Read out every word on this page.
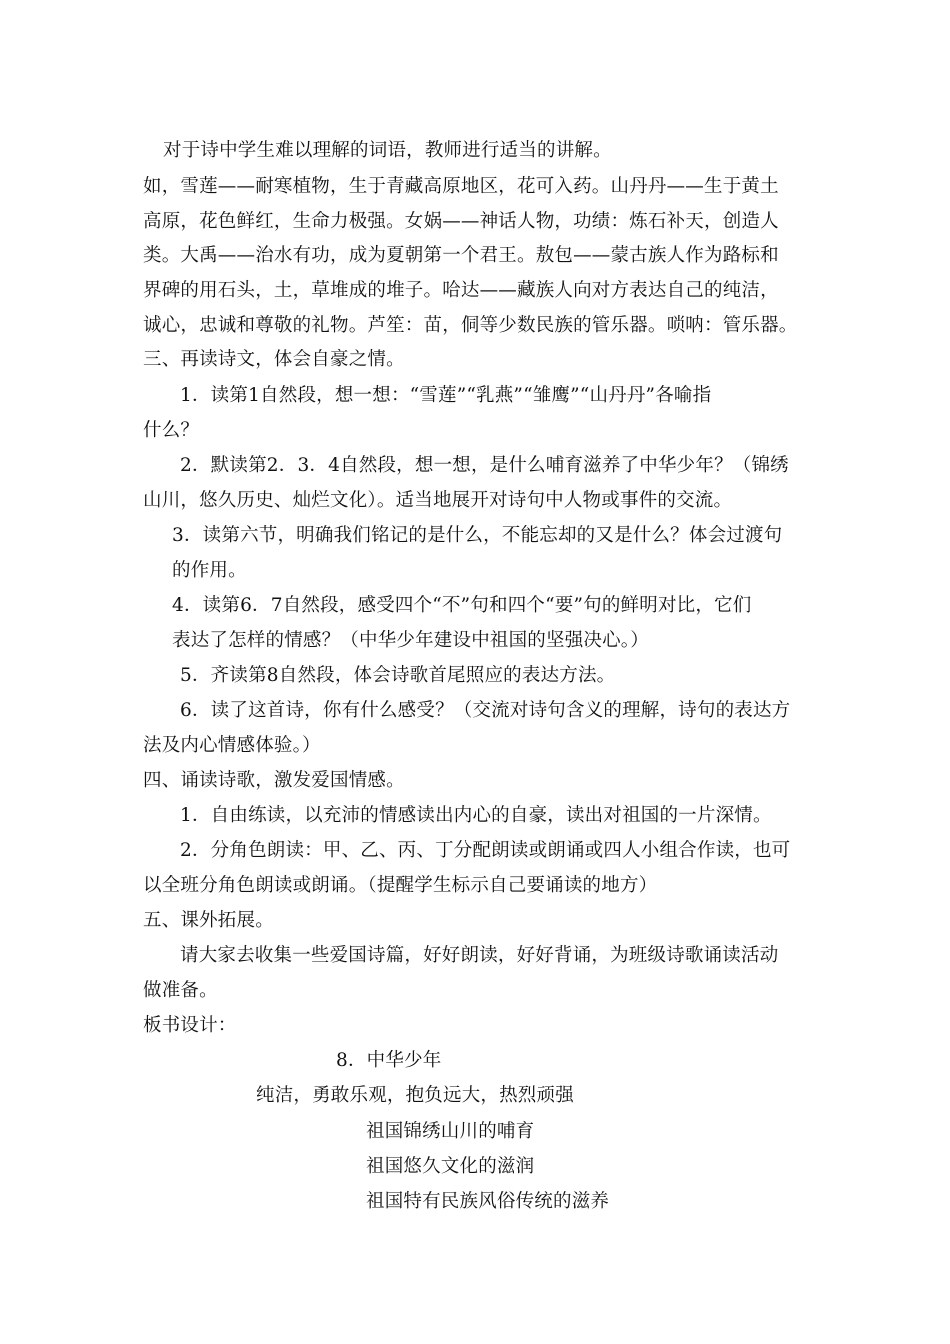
对于诗中学生难以理解的词语，教师进行适当的讲解。
如，雪莲——耐寒植物，生于青藏高原地区，花可入药。山丹丹——生于黄土
高原，花色鲜红，生命力极强。女娲——神话人物，功绩：炼石补天，创造人
类。大禹——治水有功，成为夏朝第一个君王。敖包——蒙古族人作为路标和
界碑的用石头，土，草堆成的堆子。哈达——藏族人向对方表达自己的纯洁，
诚心，忠诚和尊敬的礼物。芦笙：苗，侗等少数民族的管乐器。唢呐：管乐器。
三、再读诗文，体会自豪之情。
1．读第1自然段，想一想：“雪莲”“乳燕”“雏鹰”“山丹丹”各喻指
什么？
2．默读第2．3．4自然段，想一想，是什么哺育滋养了中华少年？（锦绣
山川，悠久历史、灿烂文化）。适当地展开对诗句中人物或事件的交流。
3．读第六节，明确我们铭记的是什么，不能忘却的又是什么？体会过渡句
的作用。
4．读第6．7自然段，感受四个“不”句和四个“要”句的鲜明对比，它们
表达了怎样的情感？（中华少年建设中祖国的坚强决心。）
5．齐读第8自然段，体会诗歌首尾照应的表达方法。
6．读了这首诗，你有什么感受？（交流对诗句含义的理解，诗句的表达方
法及内心情感体验。）
四、诵读诗歌，激发爱国情感。
1．自由练读，以充沛的情感读出内心的自豪，读出对祖国的一片深情。
2．分角色朗读：甲、乙、丙、丁分配朗读或朗诵或四人小组合作读，也可
以全班分角色朗读或朗诵。（提醒学生标示自己要诵读的地方）
五、课外拓展。
请大家去收集一些爱国诗篇，好好朗读，好好背诵，为班级诗歌诵读活动
做准备。
板书设计：
8．中华少年
纯洁，勇敢乐观，抱负远大，热烈顽强
祖国锦绣山川的哺育
祖国悠久文化的滋润
祖国特有民族风俗传统的滋养
